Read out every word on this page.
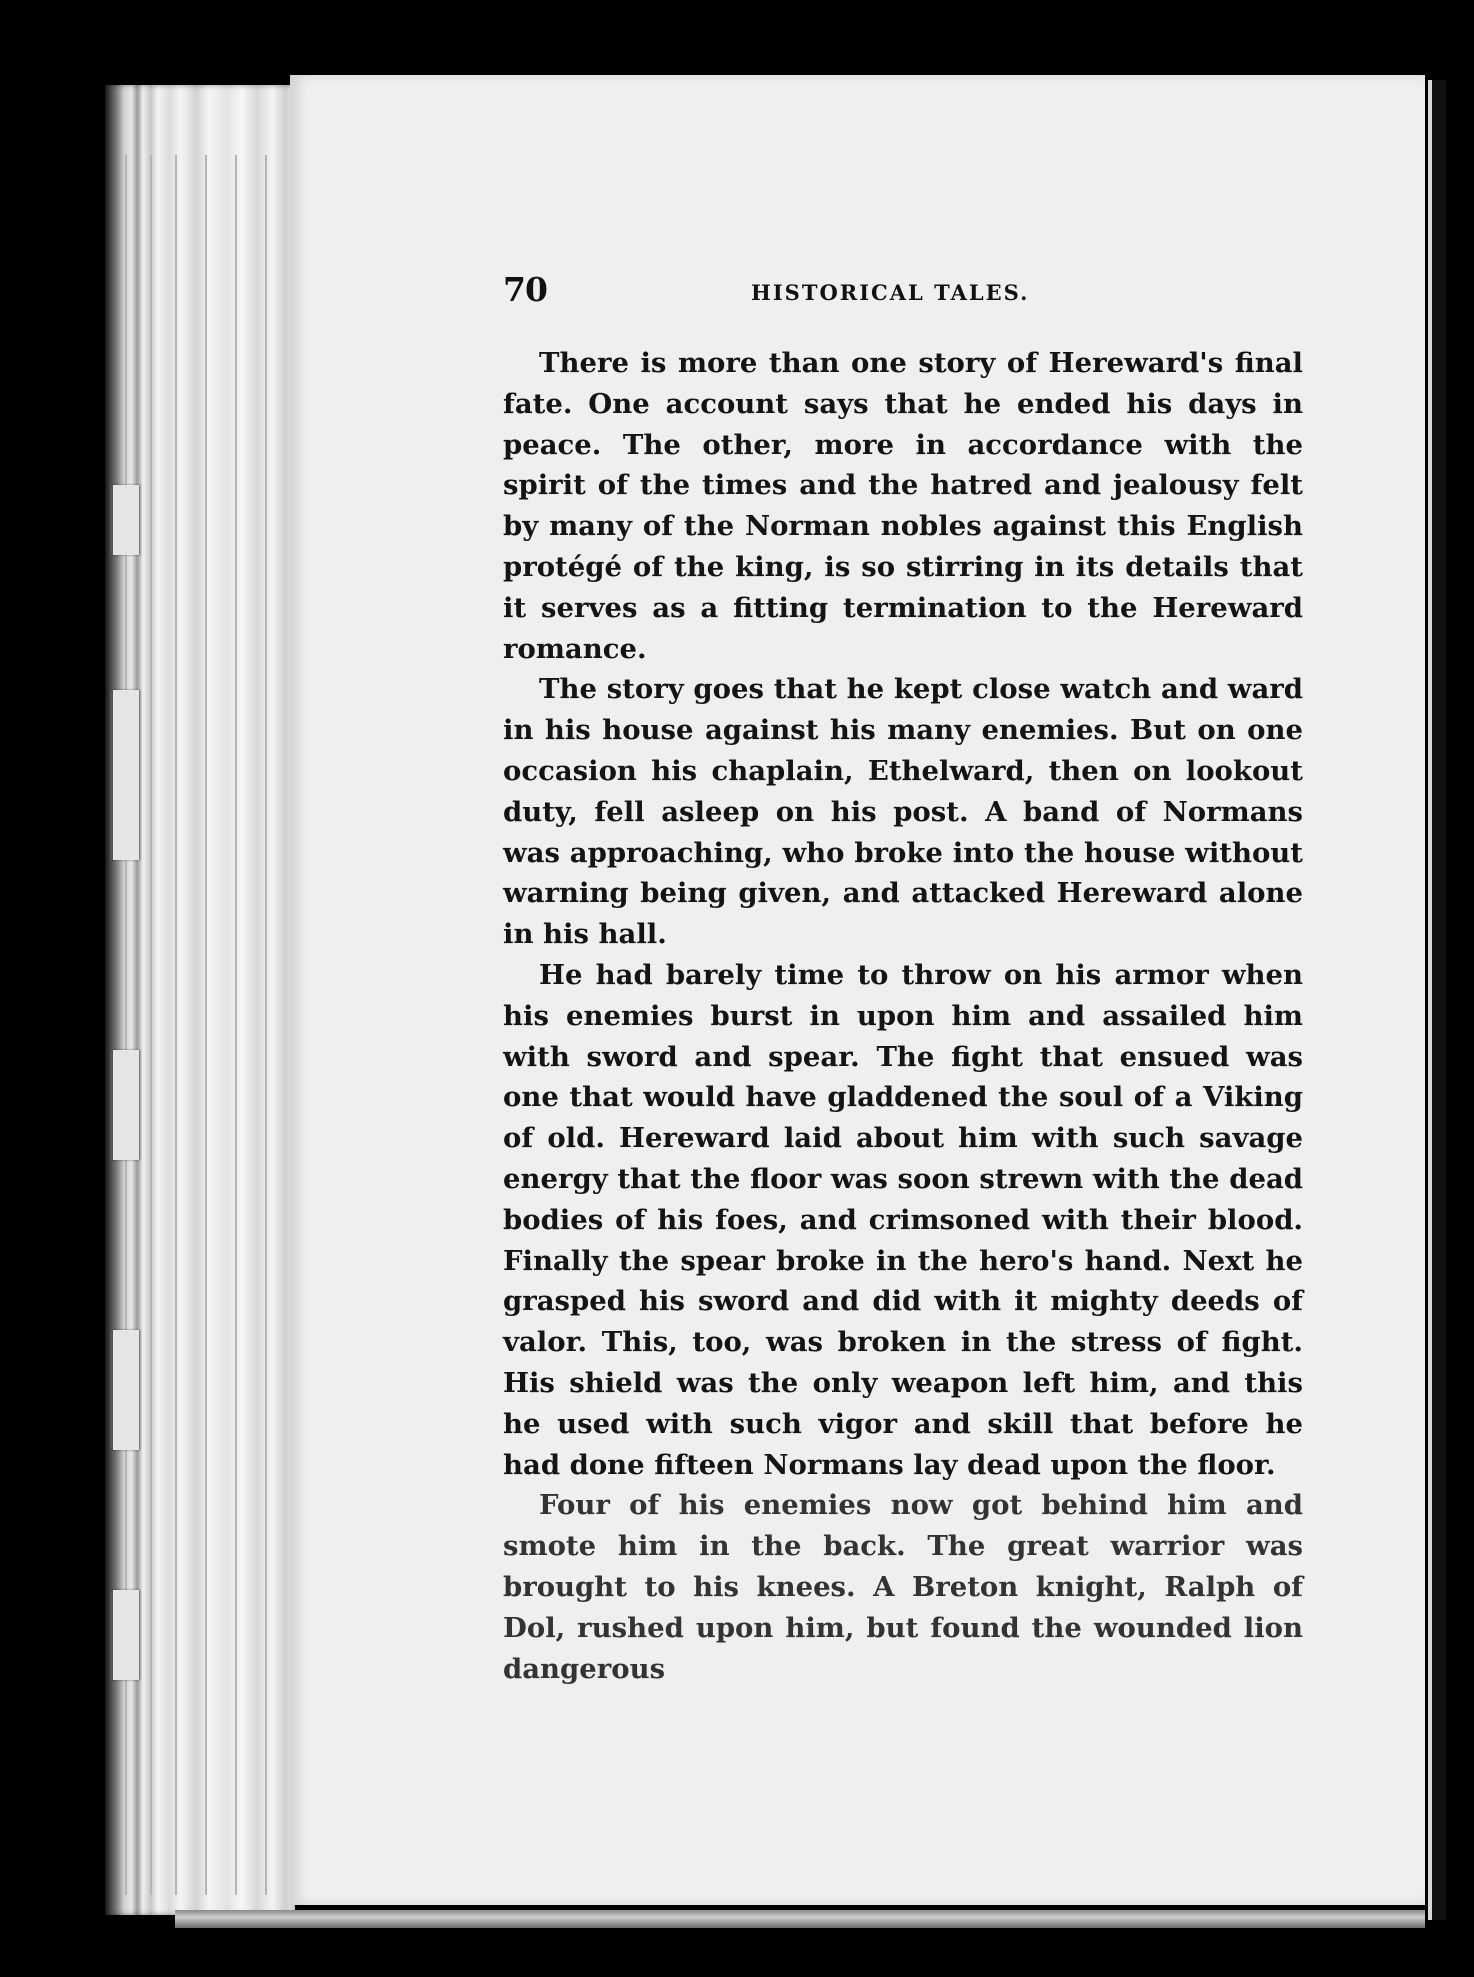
70	HISTORICAL TALES.

There is more than one story of Hereward's final fate. One account says that he ended his days in peace. The other, more in accordance with the spirit of the times and the hatred and jealousy felt by many of the Norman nobles against this English protégé of the king, is so stirring in its details that it serves as a fitting termination to the Hereward romance.

The story goes that he kept close watch and ward in his house against his many enemies. But on one occasion his chaplain, Ethelward, then on lookout duty, fell asleep on his post. A band of Normans was approaching, who broke into the house without warning being given, and attacked Hereward alone in his hall.

He had barely time to throw on his armor when his enemies burst in upon him and assailed him with sword and spear. The fight that ensued was one that would have gladdened the soul of a Viking of old. Hereward laid about him with such savage energy that the floor was soon strewn with the dead bodies of his foes, and crimsoned with their blood. Finally the spear broke in the hero's hand. Next he grasped his sword and did with it mighty deeds of valor. This, too, was broken in the stress of fight. His shield was the only weapon left him, and this he used with such vigor and skill that before he had done fifteen Normans lay dead upon the floor.

Four of his enemies now got behind him and smote him in the back. The great warrior was brought to his knees. A Breton knight, Ralph of Dol, rushed upon him, but found the wounded lion dangerous
